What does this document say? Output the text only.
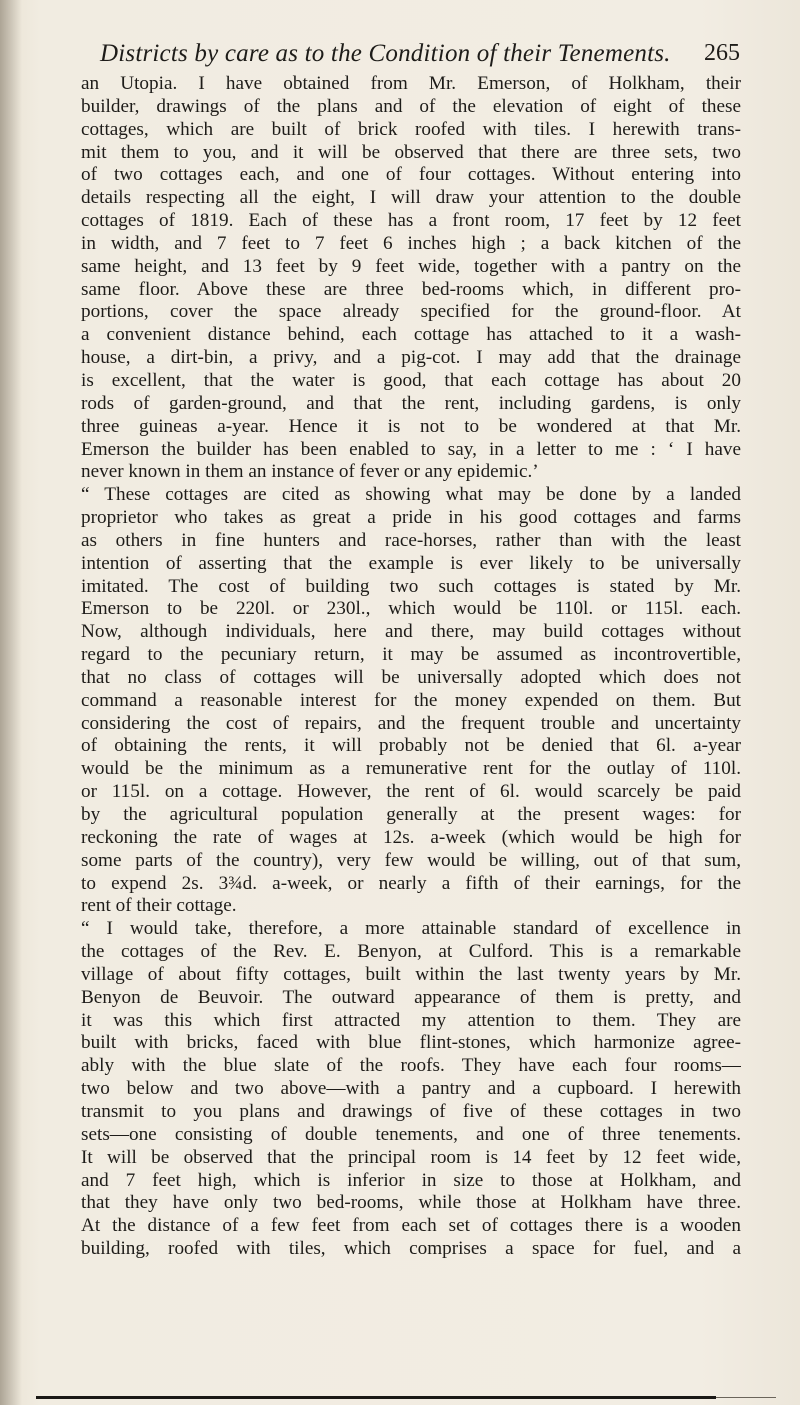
Districts by care as to the Condition of their Tenements. 265
an Utopia. I have obtained from Mr. Emerson, of Holkham, their
builder, drawings of the plans and of the elevation of eight of these
cottages, which are built of brick roofed with tiles. I herewith trans-
mit them to you, and it will be observed that there are three sets, two
of two cottages each, and one of four cottages. Without entering into
details respecting all the eight, I will draw your attention to the double
cottages of 1819. Each of these has a front room, 17 feet by 12 feet
in width, and 7 feet to 7 feet 6 inches high ; a back kitchen of the
same height, and 13 feet by 9 feet wide, together with a pantry on the
same floor. Above these are three bed-rooms which, in different pro-
portions, cover the space already specified for the ground-floor. At
a convenient distance behind, each cottage has attached to it a wash-
house, a dirt-bin, a privy, and a pig-cot. I may add that the drainage
is excellent, that the water is good, that each cottage has about 20
rods of garden-ground, and that the rent, including gardens, is only
three guineas a-year. Hence it is not to be wondered at that Mr.
Emerson the builder has been enabled to say, in a letter to me : ‘ I have
never known in them an instance of fever or any epidemic.’
“ These cottages are cited as showing what may be done by a landed
proprietor who takes as great a pride in his good cottages and farms
as others in fine hunters and race-horses, rather than with the least
intention of asserting that the example is ever likely to be universally
imitated. The cost of building two such cottages is stated by Mr.
Emerson to be 220l. or 230l., which would be 110l. or 115l. each.
Now, although individuals, here and there, may build cottages without
regard to the pecuniary return, it may be assumed as incontrovertible,
that no class of cottages will be universally adopted which does not
command a reasonable interest for the money expended on them. But
considering the cost of repairs, and the frequent trouble and uncertainty
of obtaining the rents, it will probably not be denied that 6l. a-year
would be the minimum as a remunerative rent for the outlay of 110l.
or 115l. on a cottage. However, the rent of 6l. would scarcely be paid
by the agricultural population generally at the present wages: for
reckoning the rate of wages at 12s. a-week (which would be high for
some parts of the country), very few would be willing, out of that sum,
to expend 2s. 3¾d. a-week, or nearly a fifth of their earnings, for the
rent of their cottage.
“ I would take, therefore, a more attainable standard of excellence in
the cottages of the Rev. E. Benyon, at Culford. This is a remarkable
village of about fifty cottages, built within the last twenty years by Mr.
Benyon de Beuvoir. The outward appearance of them is pretty, and
it was this which first attracted my attention to them. They are
built with bricks, faced with blue flint-stones, which harmonize agree-
ably with the blue slate of the roofs. They have each four rooms—
two below and two above—with a pantry and a cupboard. I herewith
transmit to you plans and drawings of five of these cottages in two
sets—one consisting of double tenements, and one of three tenements.
It will be observed that the principal room is 14 feet by 12 feet wide,
and 7 feet high, which is inferior in size to those at Holkham, and
that they have only two bed-rooms, while those at Holkham have three.
At the distance of a few feet from each set of cottages there is a wooden
building, roofed with tiles, which comprises a space for fuel, and a
